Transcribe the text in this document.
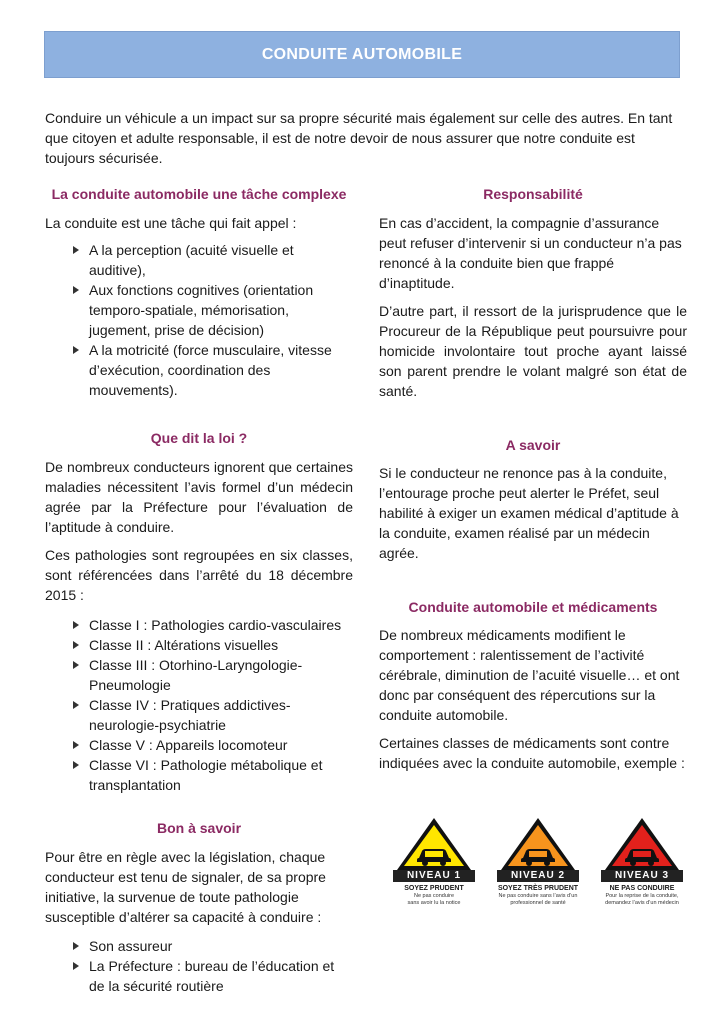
CONDUITE AUTOMOBILE

Conduire un véhicule a un impact sur sa propre sécurité mais également sur celle des autres. En tant que citoyen et adulte responsable, il est de notre devoir de nous assurer que notre conduite est toujours sécurisée.

La conduite automobile une tâche complexe

La conduite est une tâche qui fait appel :

A la perception (acuité visuelle et auditive),
Aux fonctions cognitives (orientation temporo-spatiale, mémorisation, jugement, prise de décision)
A la motricité (force musculaire, vitesse d’exécution, coordination des mouvements).
Que dit la loi ?

De nombreux conducteurs ignorent que certaines maladies nécessitent l’avis formel d’un médecin agrée par la Préfecture pour l’évaluation de l’aptitude à conduire.

Ces pathologies sont regroupées en six classes, sont référencées dans l’arrêté du 18 décembre 2015 :

Classe I : Pathologies cardio-vasculaires
Classe II : Altérations visuelles
Classe III : Otorhino-Laryngologie-Pneumologie
Classe IV : Pratiques addictives-neurologie-psychiatrie
Classe V : Appareils locomoteur
Classe VI : Pathologie métabolique et transplantation
Bon à savoir

Pour être en règle avec la législation, chaque conducteur est tenu de signaler, de sa propre initiative, la survenue de toute pathologie susceptible d’altérer sa capacité à conduire :

Son assureur
La Préfecture : bureau de l’éducation et de la sécurité routière
Responsabilité

En cas d’accident, la compagnie d’assurance peut refuser d’intervenir si un conducteur n’a pas renoncé à la conduite bien que frappé d’inaptitude.

D’autre part, il ressort de la jurisprudence que le Procureur de la République peut poursuivre pour homicide involontaire tout proche ayant laissé son parent prendre le volant malgré son état de santé.

A savoir

Si le conducteur ne renonce pas à la conduite, l’entourage proche peut alerter le Préfet, seul habilité à exiger un examen médical d’aptitude à la conduite, examen réalisé par un médecin agrée.

Conduite automobile et médicaments

De nombreux médicaments modifient le comportement : ralentissement de l’activité cérébrale, diminution de l’acuité visuelle… et ont donc par conséquent des répercutions sur la conduite automobile.

Certaines classes de médicaments sont contre indiquées avec la conduite automobile, exemple :

NIVEAU 1
SOYEZ PRUDENT
Ne pas conduire
sans avoir lu la notice
NIVEAU 2
SOYEZ TRÈS PRUDENT
Ne pas conduire sans l’avis d’un
professionnel de santé
NIVEAU 3
NE PAS CONDUIRE
Pour la reprise de la conduite,
demandez l’avis d’un médecin
